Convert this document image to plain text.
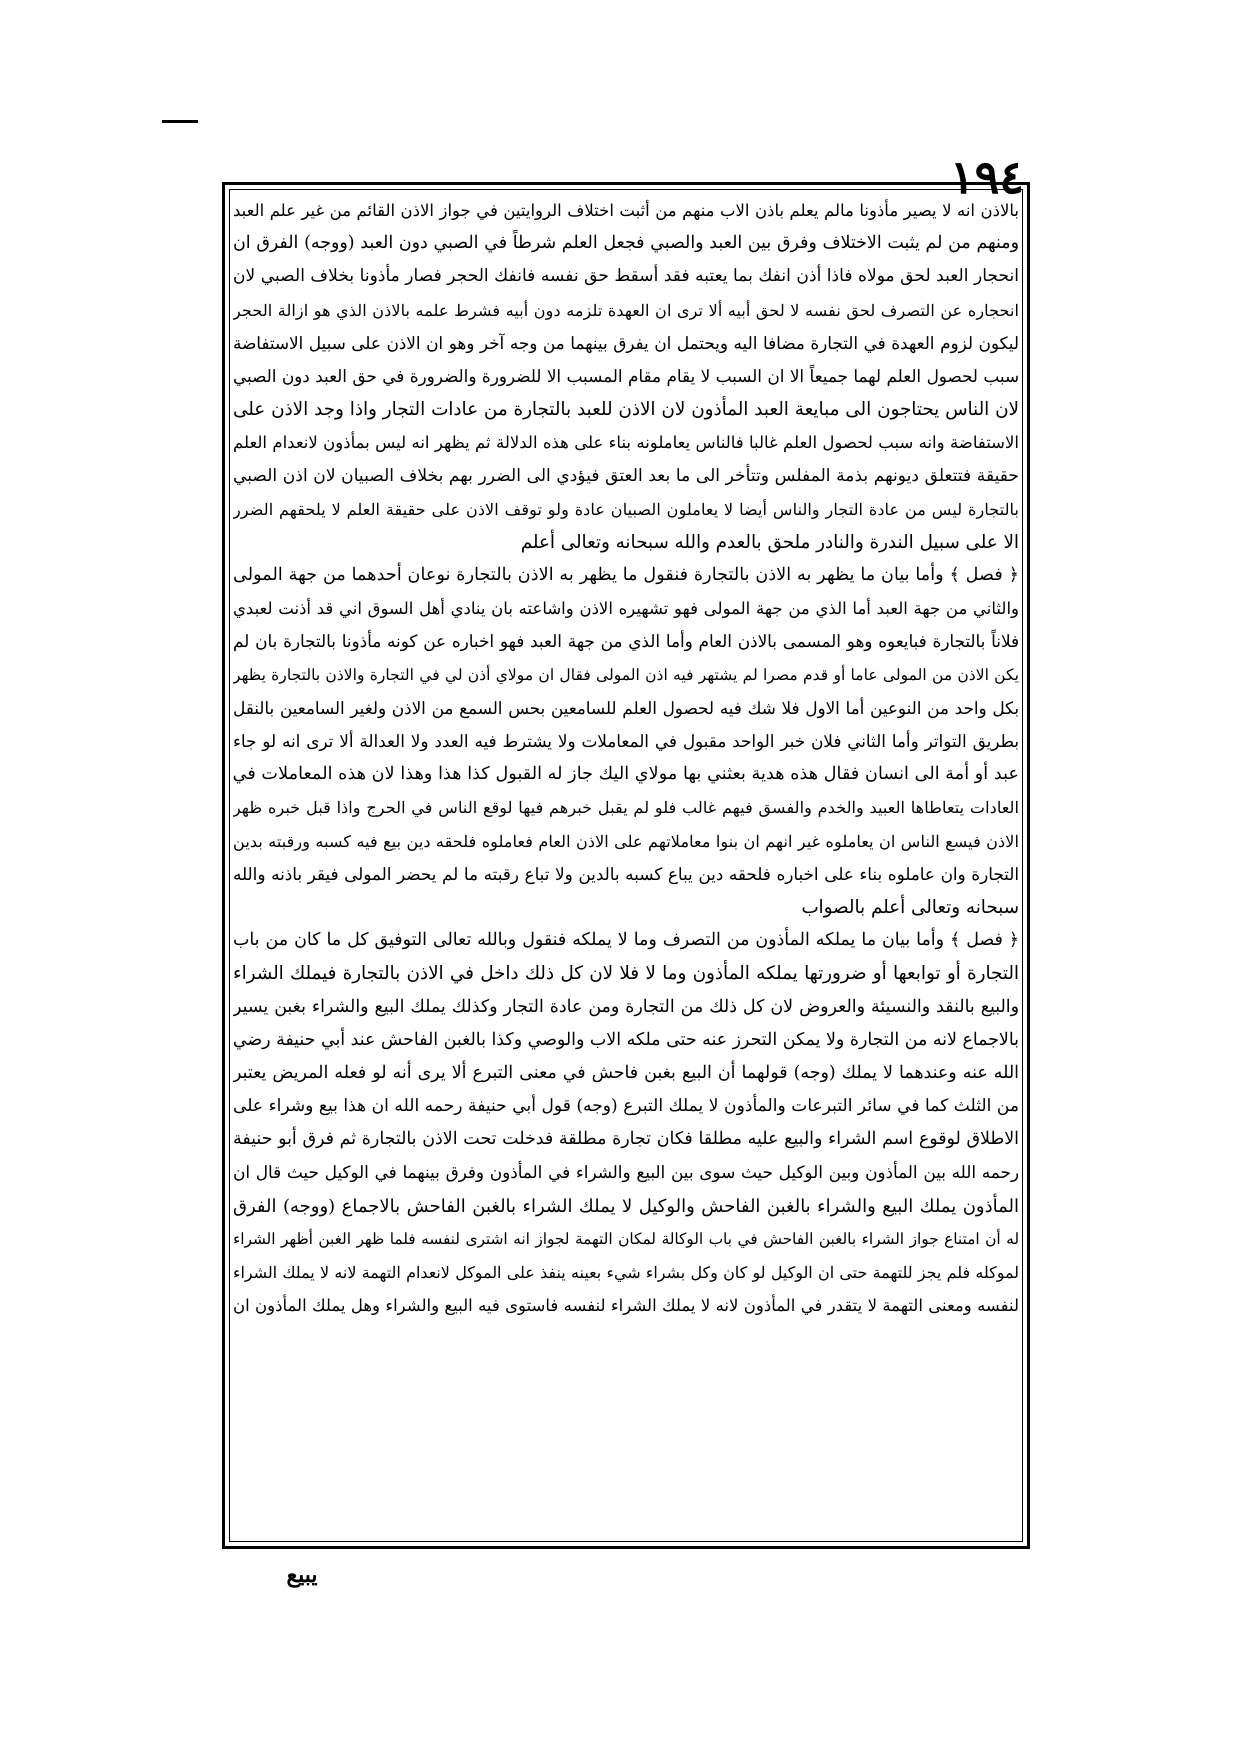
١٩٤
بالاذن انه لا يصير مأذونا مالم يعلم باذن الاب منهم من أثبت اختلاف الروايتين في جواز الاذن القائم من غير علم العبد
ومنهم من لم يثبت الاختلاف وفرق بين العبد والصبي فجعل العلم شرطاً في الصبي دون العبد (ووجه) الفرق ان
انحجار العبد لحق مولاه فاذا أذن انفك بما يعتبه فقد أسقط حق نفسه فانفك الحجر فصار مأذونا بخلاف الصبي لان
انحجاره عن التصرف لحق نفسه لا لحق أبيه ألا ترى ان العهدة تلزمه دون أبيه فشرط علمه بالاذن الذي هو ازالة الحجر
ليكون لزوم العهدة في التجارة مضافا اليه ويحتمل ان يفرق بينهما من وجه آخر وهو ان الاذن على سبيل الاستفاضة
سبب لحصول العلم لهما جميعاً الا ان السبب لا يقام مقام المسبب الا للضرورة والضرورة في حق العبد دون الصبي
لان الناس يحتاجون الى مبايعة العبد المأذون لان الاذن للعبد بالتجارة من عادات التجار واذا وجد الاذن على
الاستفاضة وانه سبب لحصول العلم غالبا فالناس يعاملونه بناء على هذه الدلالة ثم يظهر انه ليس بمأذون لانعدام العلم
حقيقة فتتعلق ديونهم بذمة المفلس وتتأخر الى ما بعد العتق فيؤدي الى الضرر بهم بخلاف الصبيان لان اذن الصبي
بالتجارة ليس من عادة التجار والناس أيضا لا يعاملون الصبيان عادة ولو توقف الاذن على حقيقة العلم لا يلحقهم الضرر
الا على سبيل الندرة والنادر ملحق بالعدم والله سبحانه وتعالى أعلم
﴿ فصل ﴾ وأما بيان ما يظهر به الاذن بالتجارة فنقول ما يظهر به الاذن بالتجارة نوعان أحدهما من جهة المولى
والثاني من جهة العبد أما الذي من جهة المولى فهو تشهيره الاذن واشاعته بان ينادي أهل السوق اني قد أذنت لعبدي
فلاناً بالتجارة فبايعوه وهو المسمى بالاذن العام وأما الذي من جهة العبد فهو اخباره عن كونه مأذونا بالتجارة بان لم
يكن الاذن من المولى عاما أو قدم مصرا لم يشتهر فيه اذن المولى فقال ان مولاي أذن لي في التجارة والاذن بالتجارة يظهر
بكل واحد من النوعين أما الاول فلا شك فيه لحصول العلم للسامعين بحس السمع من الاذن ولغير السامعين بالنقل
بطريق التواتر وأما الثاني فلان خبر الواحد مقبول في المعاملات ولا يشترط فيه العدد ولا العدالة ألا ترى انه لو جاء
عبد أو أمة الى انسان فقال هذه هدية بعثني بها مولاي اليك جاز له القبول كذا هذا وهذا لان هذه المعاملات في
العادات يتعاطاها العبيد والخدم والفسق فيهم غالب فلو لم يقبل خبرهم فيها لوقع الناس في الحرج واذا قبل خبره ظهر
الاذن فيسع الناس ان يعاملوه غير انهم ان بنوا معاملاتهم على الاذن العام فعاملوه فلحقه دين بيع فيه كسبه ورقبته بدين
التجارة وان عاملوه بناء على اخباره فلحقه دين يباع كسبه بالدين ولا تباع رقبته ما لم يحضر المولى فيقر باذنه والله
سبحانه وتعالى أعلم بالصواب
﴿ فصل ﴾ وأما بيان ما يملكه المأذون من التصرف وما لا يملكه فنقول وبالله تعالى التوفيق كل ما كان من باب
التجارة أو توابعها أو ضرورتها يملكه المأذون وما لا فلا لان كل ذلك داخل في الاذن بالتجارة فيملك الشراء
والبيع بالنقد والنسيئة والعروض لان كل ذلك من التجارة ومن عادة التجار وكذلك يملك البيع والشراء بغبن يسير
بالاجماع لانه من التجارة ولا يمكن التحرز عنه حتى ملكه الاب والوصي وكذا بالغبن الفاحش عند أبي حنيفة رضي
الله عنه وعندهما لا يملك (وجه) قولهما أن البيع بغبن فاحش في معنى التبرع ألا يرى أنه لو فعله المريض يعتبر
من الثلث كما في سائر التبرعات والمأذون لا يملك التبرع (وجه) قول أبي حنيفة رحمه الله ان هذا بيع وشراء على
الاطلاق لوقوع اسم الشراء والبيع عليه مطلقا فكان تجارة مطلقة فدخلت تحت الاذن بالتجارة ثم فرق أبو حنيفة
رحمه الله بين المأذون وبين الوكيل حيث سوى بين البيع والشراء في المأذون وفرق بينهما في الوكيل حيث قال ان
المأذون يملك البيع والشراء بالغبن الفاحش والوكيل لا يملك الشراء بالغبن الفاحش بالاجماع (ووجه) الفرق
له أن امتناع جواز الشراء بالغبن الفاحش في باب الوكالة لمكان التهمة لجواز انه اشترى لنفسه فلما ظهر الغبن أظهر الشراء
لموكله فلم يجز للتهمة حتى ان الوكيل لو كان وكل بشراء شيء بعينه ينفذ على الموكل لانعدام التهمة لانه لا يملك الشراء
لنفسه ومعنى التهمة لا يتقدر في المأذون لانه لا يملك الشراء لنفسه فاستوى فيه البيع والشراء وهل يملك المأذون ان
يبيع
